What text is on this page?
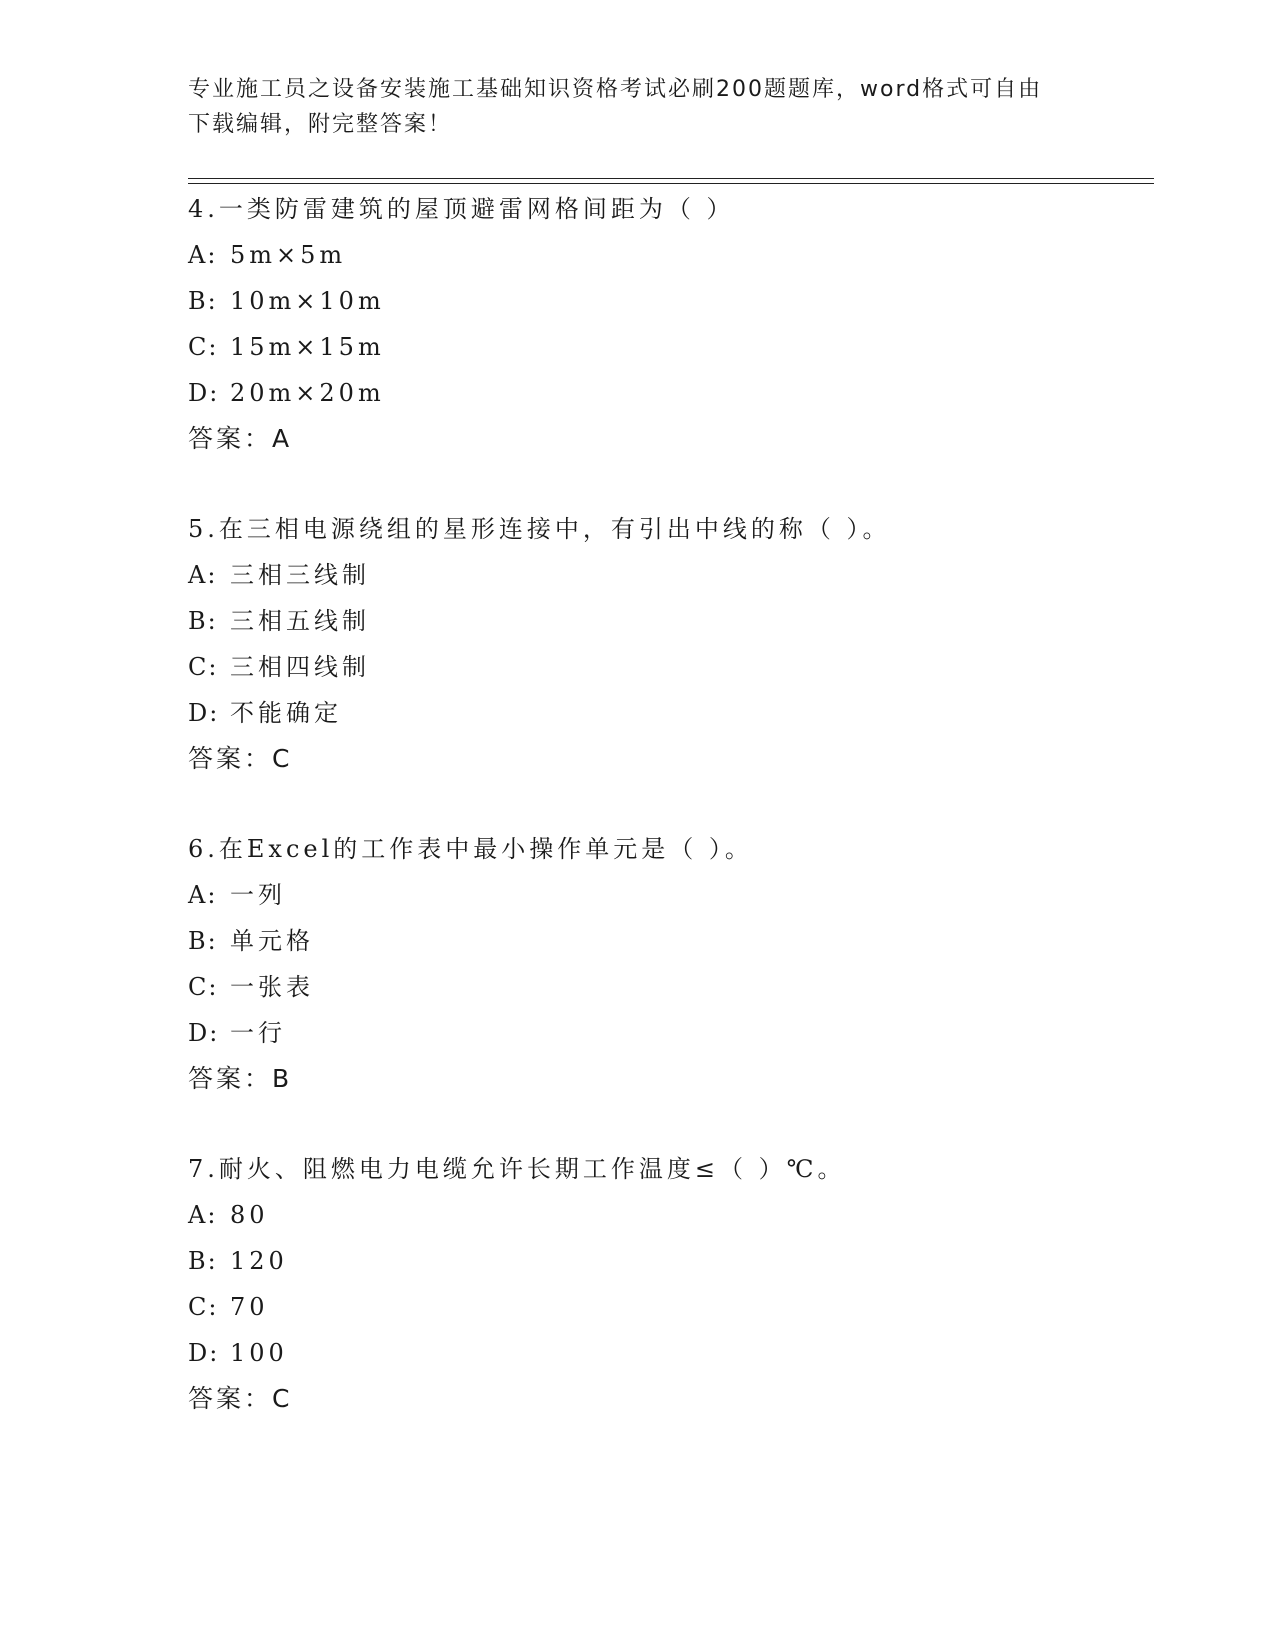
专业施工员之设备安装施工基础知识资格考试必刷200题题库，word格式可自由
下载编辑，附完整答案！
4.一类防雷建筑的屋顶避雷网格间距为（ ）
A: 5m×5m
B: 10m×10m
C: 15m×15m
D: 20m×20m
答案：A
5.在三相电源绕组的星形连接中，有引出中线的称（ ）。
A: 三相三线制
B: 三相五线制
C: 三相四线制
D: 不能确定
答案：C
6.在Excel的工作表中最小操作单元是（ ）。
A: 一列
B: 单元格
C: 一张表
D: 一行
答案：B
7.耐火、阻燃电力电缆允许长期工作温度≤（ ）℃。
A: 80
B: 120
C: 70
D: 100
答案：C
